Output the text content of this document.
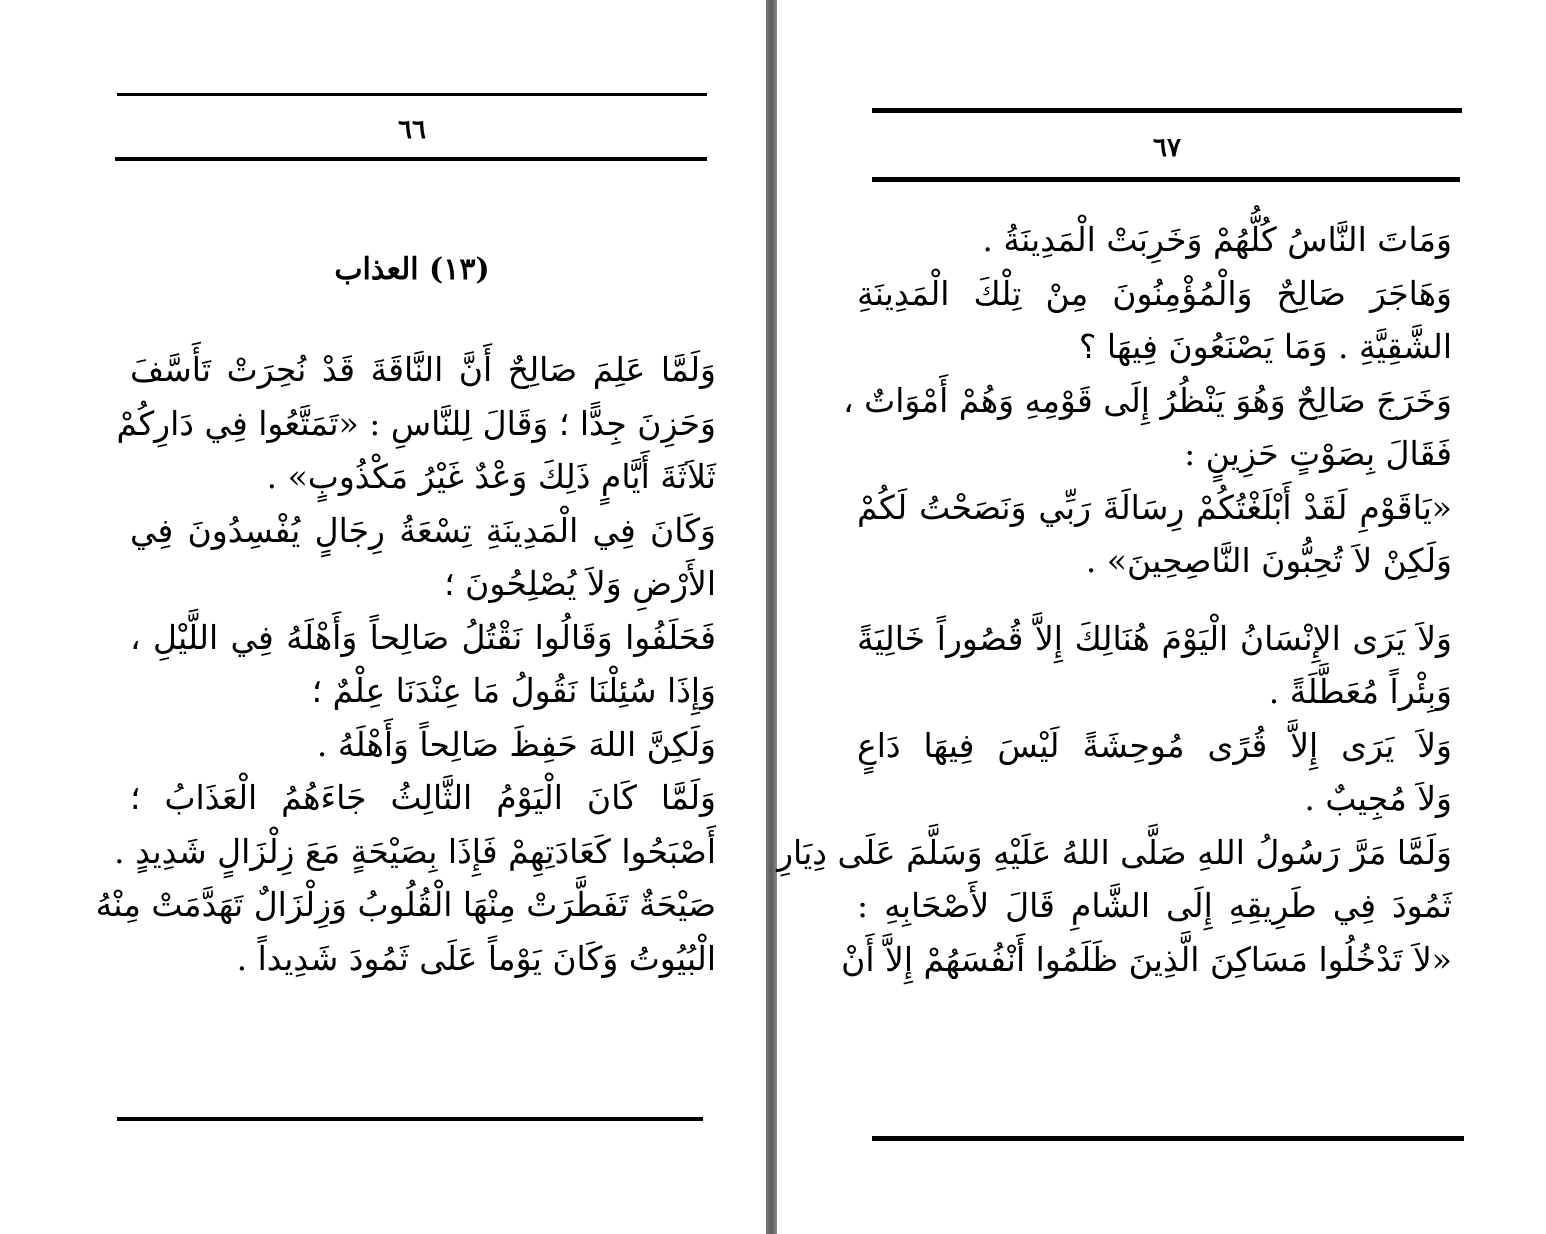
٦٦
(١٣) العذاب
وَلَمَّا عَلِمَ صَالِحٌ أَنَّ النَّاقَةَ قَدْ نُحِرَتْ تَأَسَّفَ
وَحَزِنَ جِدًّا ؛ وَقَالَ لِلنَّاسِ : «تَمَتَّعُوا فِي دَارِكُمْ
ثَلاَثَةَ أَيَّامٍ ذَلِكَ وَعْدٌ غَيْرُ مَكْذُوبٍ» .
وَكَانَ فِي الْمَدِينَةِ تِسْعَةُ رِجَالٍ يُفْسِدُونَ فِي
الأَرْضِ وَلاَ يُصْلِحُونَ ؛
فَحَلَفُوا وَقَالُوا نَقْتُلُ صَالِحاً وَأَهْلَهُ فِي اللَّيْلِ ،
وَإِذَا سُئِلْنَا نَقُولُ مَا عِنْدَنَا عِلْمٌ ؛
وَلَكِنَّ اللهَ حَفِظَ صَالِحاً وَأَهْلَهُ .
وَلَمَّا كَانَ الْيَوْمُ الثَّالِثُ جَاءَهُمُ الْعَذَابُ ؛
أَصْبَحُوا كَعَادَتِهِمْ فَإِذَا بِصَيْحَةٍ مَعَ زِلْزَالٍ شَدِيدٍ .
صَيْحَةٌ تَفَطَّرَتْ مِنْهَا الْقُلُوبُ وَزِلْزَالٌ تَهَدَّمَتْ مِنْهُ
الْبُيُوتُ وَكَانَ يَوْماً عَلَى ثَمُودَ شَدِيداً .
٦٧
وَمَاتَ النَّاسُ كُلُّهُمْ وَخَرِبَتْ الْمَدِينَةُ .
وَهَاجَرَ صَالِحٌ وَالْمُؤْمِنُونَ مِنْ تِلْكَ الْمَدِينَةِ
الشَّقِيَّةِ . وَمَا يَصْنَعُونَ فِيهَا ؟
وَخَرَجَ صَالِحٌ وَهُوَ يَنْظُرُ إِلَى قَوْمِهِ وَهُمْ أَمْوَاتٌ ،
فَقَالَ بِصَوْتٍ حَزِينٍ :
«يَاقَوْمِ لَقَدْ أَبْلَغْتُكُمْ رِسَالَةَ رَبِّي وَنَصَحْتُ لَكُمْ
وَلَكِنْ لاَ تُحِبُّونَ النَّاصِحِينَ» .
وَلاَ يَرَى الإِنْسَانُ الْيَوْمَ هُنَالِكَ إِلاَّ قُصُوراً خَالِيَةً
وَبِئْراً مُعَطَّلَةً .
وَلاَ يَرَى إِلاَّ قُرًى مُوحِشَةً لَيْسَ فِيهَا دَاعٍ
وَلاَ مُجِيبٌ .
وَلَمَّا مَرَّ رَسُولُ اللهِ صَلَّى اللهُ عَلَيْهِ وَسَلَّمَ عَلَى دِيَارِ
ثَمُودَ فِي طَرِيقِهِ إِلَى الشَّامِ قَالَ لأَصْحَابِهِ :
«لاَ تَدْخُلُوا مَسَاكِنَ الَّذِينَ ظَلَمُوا أَنْفُسَهُمْ إِلاَّ أَنْ
